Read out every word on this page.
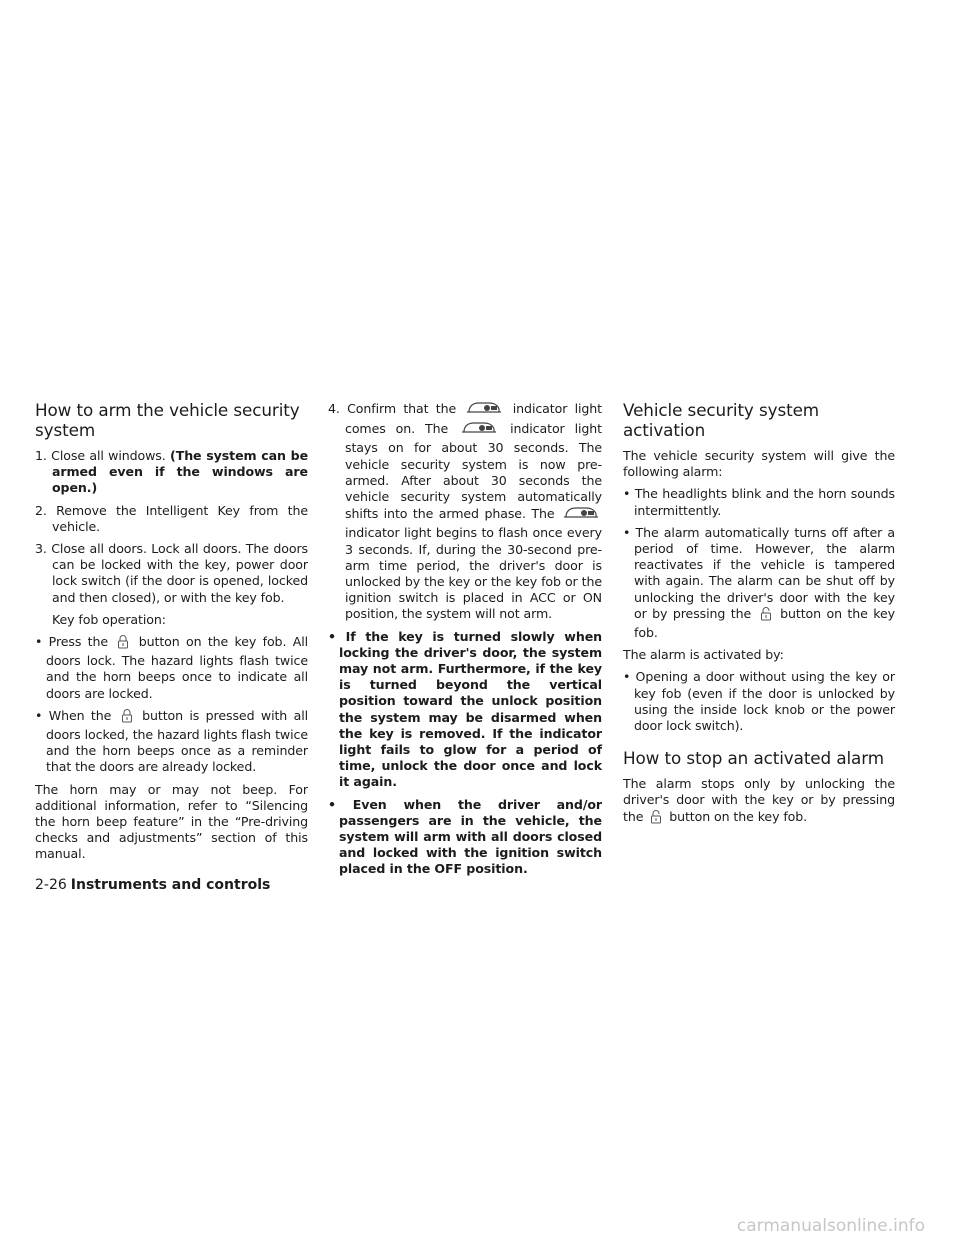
How to arm the vehicle security system
1. Close all windows. (The system can be armed even if the windows are open.)
2. Remove the Intelligent Key from the vehicle.
3. Close all doors. Lock all doors. The doors can be locked with the key, power door lock switch (if the door is opened, locked and then closed), or with the key fob.
Key fob operation:
• Press the button on the key fob. All doors lock. The hazard lights flash twice and the horn beeps once to indicate all doors are locked.
• When the button is pressed with all doors locked, the hazard lights flash twice and the horn beeps once as a reminder that the doors are already locked.

The horn may or may not beep. For additional information, refer to “Silencing the horn beep feature” in the “Pre-driving checks and adjustments” section of this manual.

4. Confirm that the	indicator light comes on. The	indicator light stays on for about 30 seconds. The vehicle security system is now pre-armed. After about 30 seconds the vehicle security system automatically shifts into the armed phase. The  indicator light begins to flash once every 3 seconds. If, during the 30-second pre-arm time period, the driver's door is unlocked by the key or the key fob or the ignition switch is placed in ACC or ON position, the system will not arm.
• If the key is turned slowly when locking the driver's door, the system may not arm. Furthermore, if the key is turned beyond the vertical position toward the unlock position the system may be disarmed when the key is removed. If the indicator light fails to glow for a period of time, unlock the door once and lock it again.
• Even when the driver and/or passengers are in the vehicle, the system will arm with all doors closed and locked with the ignition switch placed in the OFF position.
Vehicle security system activation

The vehicle security system will give the following alarm:

• The headlights blink and the horn sounds intermittently.
• The alarm automatically turns off after a period of time. However, the alarm reactivates if the vehicle is tampered with again. The alarm can be shut off by unlocking the driver's door with the key or by pressing the button on the key fob.

The alarm is activated by:

• Opening a door without using the key or key fob (even if the door is unlocked by using the inside lock knob or the power door lock switch).
How to stop an activated alarm

The alarm stops only by unlocking the driver's door with the key or by pressing the button on the key fob.

2-26 Instruments and controls
carmanualsonline.info
